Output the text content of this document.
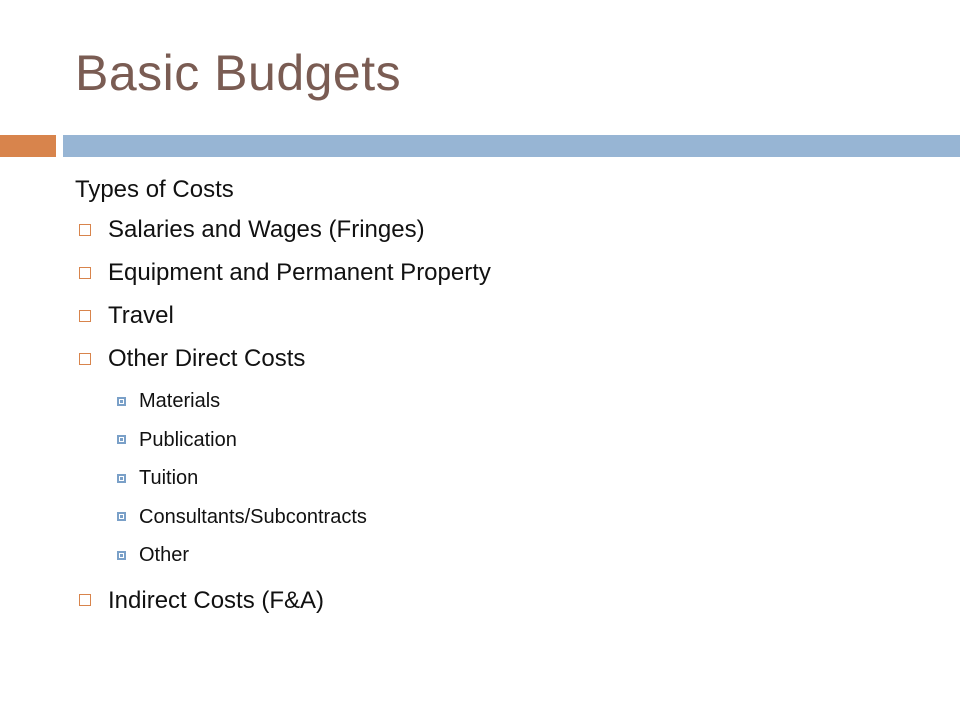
Basic Budgets
Types of Costs
Salaries and Wages (Fringes)
Equipment and Permanent Property
Travel
Other Direct Costs
Materials
Publication
Tuition
Consultants/Subcontracts
Other
Indirect Costs (F&A)
